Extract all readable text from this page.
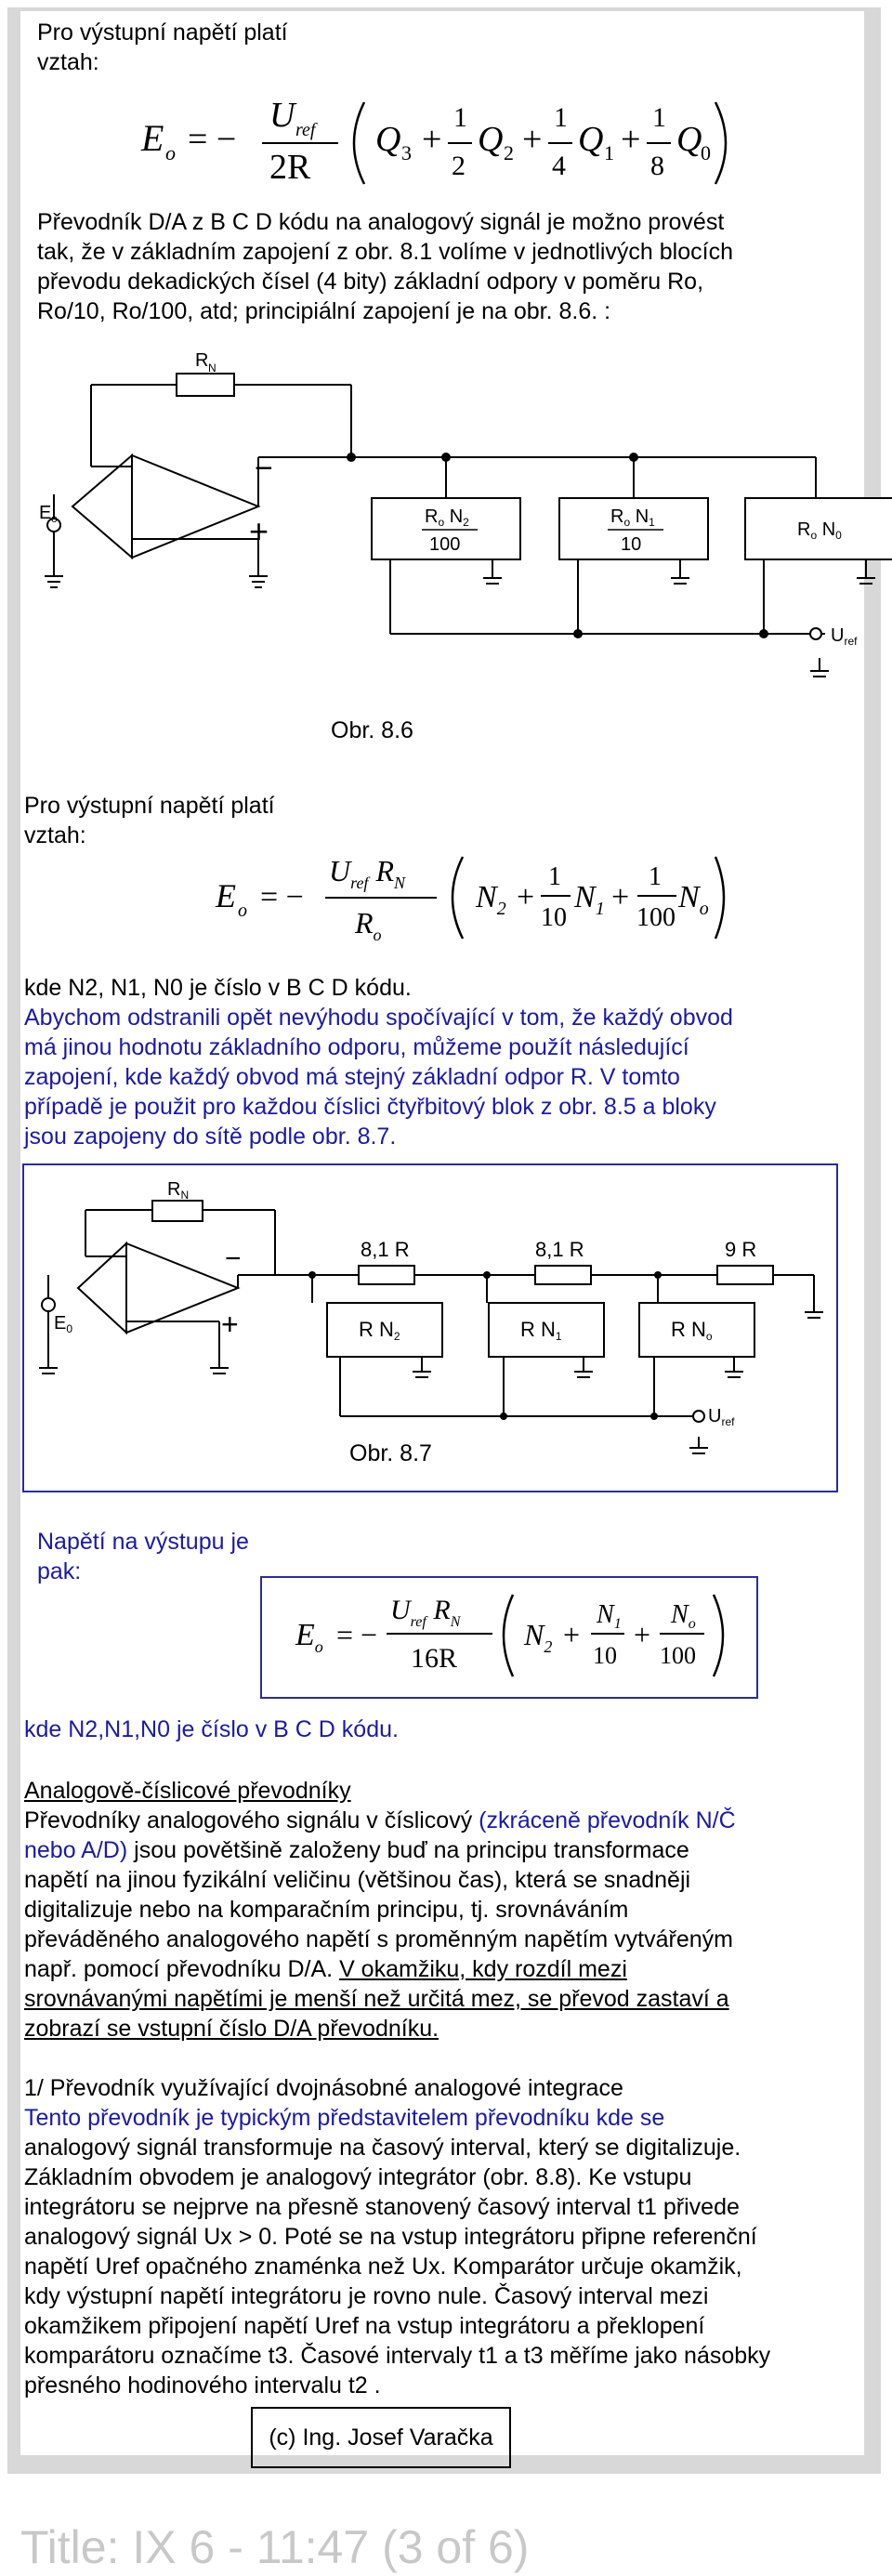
Pro výstupní napětí platí
vztah:
E o = −
U ref
2R
Q 3 +
1
2
Q 2 +
1
4
Q 1 +
1
8
Q
0
Převodník D/A z B C D kódu na analogový signál je možno provést
tak, že v základním zapojení z obr. 8.1 volíme v jednotlivých blocích
převodu dekadických čísel (4 bity) základní odpory v poměru Ro,
Ro/10, Ro/100, atd; principiální zapojení je na obr. 8.6. :
R N
−
+
E o	$R_o$ $N_2$
100
$R_o$ $N_1$
10
$R_o$ $N_0$
$U_{ref}$
Obr. 8.6
Pro výstupní napětí platí
vztah:
E o = −
$U_{ref}$ $R_N$
$R_o$
$N_2$ +
1
10
$N_1$ +
1
100
$N_o$
kde N2, N1, N0 je číslo v B C D kódu.
Abychom odstranili opět nevýhodu spočívající v tom, že každý obvod
má jinou hodnotu základního odporu, můžeme použít následující
zapojení, kde každý obvod má stejný základní odpor R. V tomto
případě je použit pro každou číslici čtyřbitový blok z obr. 8.5 a bloky
jsou zapojeny do sítě podle obr. 8.7.
$R_N$
−
+
$E_0$
8,1 R	8,1 R	9 R
R N2	R N1	R No
$U_{ref}$
Obr. 8.7
Napětí na výstupu je
pak:
$E_o$ = −
$U_{ref}$ $R_N$
16R
$N_2$ +
$N_1$
10
+
$N_o$
100
kde N2,N1,N0 je číslo v B C D kódu.
Analogově-číslicové převodníky
Převodníky analogového signálu v číslicový (zkráceně převodník N/Č
nebo A/D) jsou povětšině založeny buď na principu transformace
napětí na jinou fyzikální veličinu (většinou čas), která se snadněji
digitalizuje nebo na komparačním principu, tj. srovnáváním
převáděného analogového napětí s proměnným napětím vytvářeným
např. pomocí převodníku D/A. V okamžiku, kdy rozdíl mezi
srovnávanými napětími je menší než určitá mez, se převod zastaví a
zobrazí se vstupní číslo D/A převodníku.
1/ Převodník využívající dvojnásobné analogové integrace
Tento převodník je typickým představitelem převodníku kde se
analogový signál transformuje na časový interval, který se digitalizuje.
Základním obvodem je analogový integrátor (obr. 8.8). Ke vstupu
integrátoru se nejprve na přesně stanovený časový interval t1 přivede
analogový signál Ux > 0. Poté se na vstup integrátoru připne referenční
napětí Uref opačného znaménka než Ux. Komparátor určuje okamžik,
kdy výstupní napětí integrátoru je rovno nule. Časový interval mezi
okamžikem připojení napětí Uref na vstup integrátoru a překlopení
komparátoru označíme t3. Časové intervaly t1 a t3 měříme jako násobky
přesného hodinového intervalu t2 .
(c) Ing. Josef Varačka
Title: IX 6 - 11:47 (3 of 6)
